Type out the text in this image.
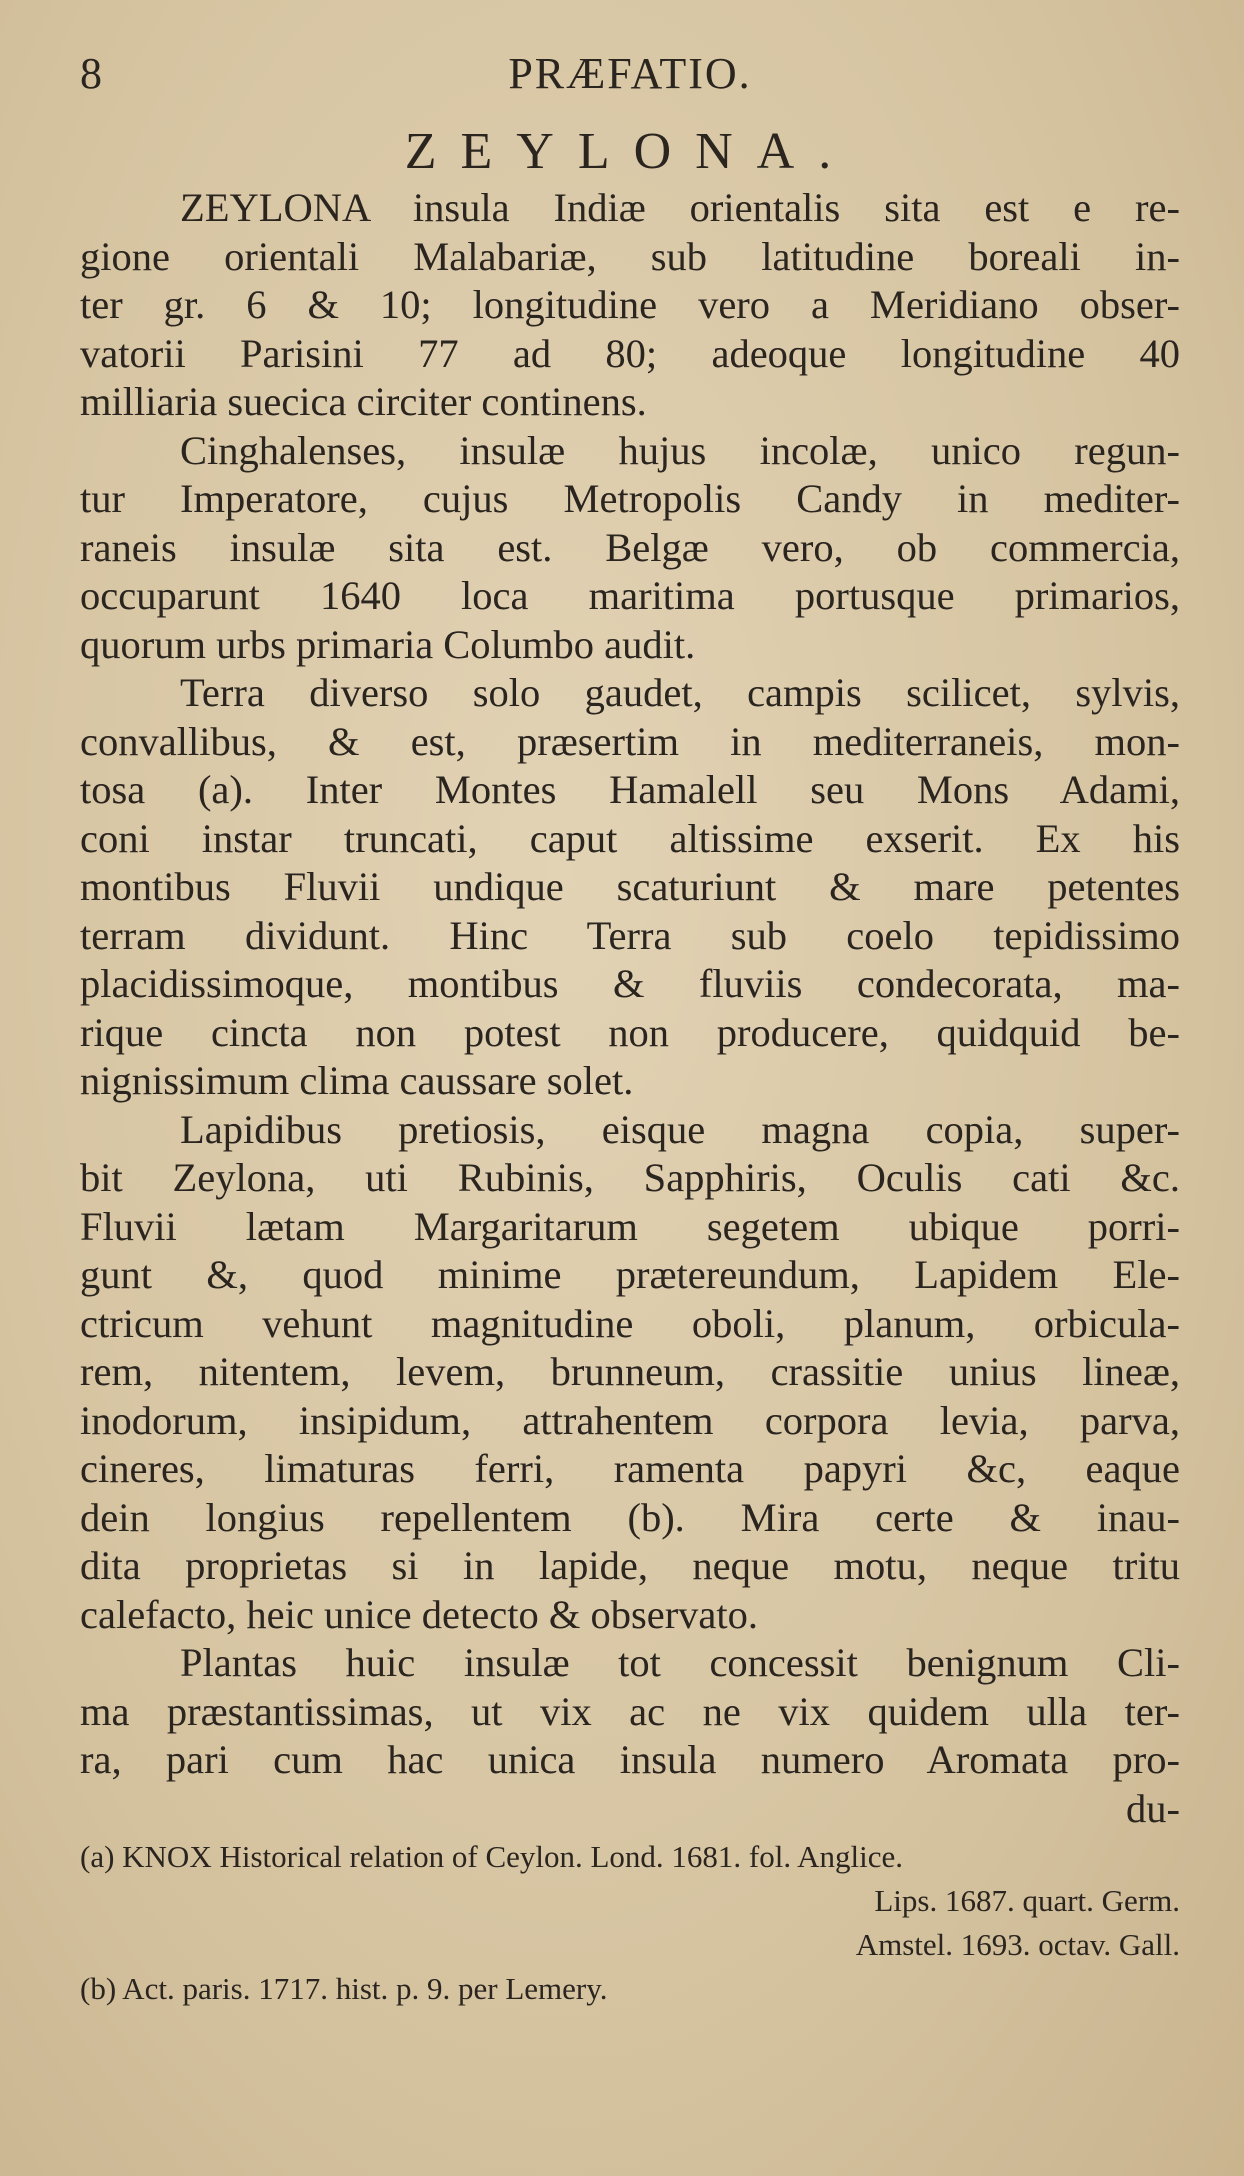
8	PRÆFATIO.
ZEYLONA.

ZEYLONA insula Indiæ orientalis sita est e re-
gione orientali Malabariæ, sub latitudine boreali in-
ter gr. 6 & 10; longitudine vero a Meridiano obser-
vatorii Parisini 77 ad 80; adeoque longitudine 40
milliaria suecica circiter continens.

Cinghalenses, insulæ hujus incolæ, unico regun-
tur Imperatore, cujus Metropolis Candy in mediter-
raneis insulæ sita est. Belgæ vero, ob commercia,
occuparunt 1640 loca maritima portusque primarios,
quorum urbs primaria Columbo audit.

Terra diverso solo gaudet, campis scilicet, sylvis,
convallibus, & est, præsertim in mediterraneis, mon-
tosa (a). Inter Montes Hamalell seu Mons Adami,
coni instar truncati, caput altissime exserit. Ex his
montibus Fluvii undique scaturiunt & mare petentes
terram dividunt. Hinc Terra sub coelo tepidissimo
placidissimoque, montibus & fluviis condecorata, ma-
rique cincta non potest non producere, quidquid be-
nignissimum clima caussare solet.

Lapidibus pretiosis, eisque magna copia, super-
bit Zeylona, uti Rubinis, Sapphiris, Oculis cati &c.
Fluvii lætam Margaritarum segetem ubique porri-
gunt &, quod minime prætereundum, Lapidem Ele-
ctricum vehunt magnitudine oboli, planum, orbicula-
rem, nitentem, levem, brunneum, crassitie unius lineæ,
inodorum, insipidum, attrahentem corpora levia, parva,
cineres, limaturas ferri, ramenta papyri &c, eaque
dein longius repellentem (b). Mira certe & inau-
dita proprietas si in lapide, neque motu, neque tritu
calefacto, heic unice detecto & observato.

Plantas huic insulæ tot concessit benignum Cli-
ma præstantissimas, ut vix ac ne vix quidem ulla ter-
ra, pari cum hac unica insula numero Aromata pro-
du-

(a) KNOX Historical relation of Ceylon. Lond. 1681. fol. Anglice.
Lips. 1687. quart. Germ.
Amstel. 1693. octav. Gall.
(b) Act. paris. 1717. hist. p. 9. per Lemery.
